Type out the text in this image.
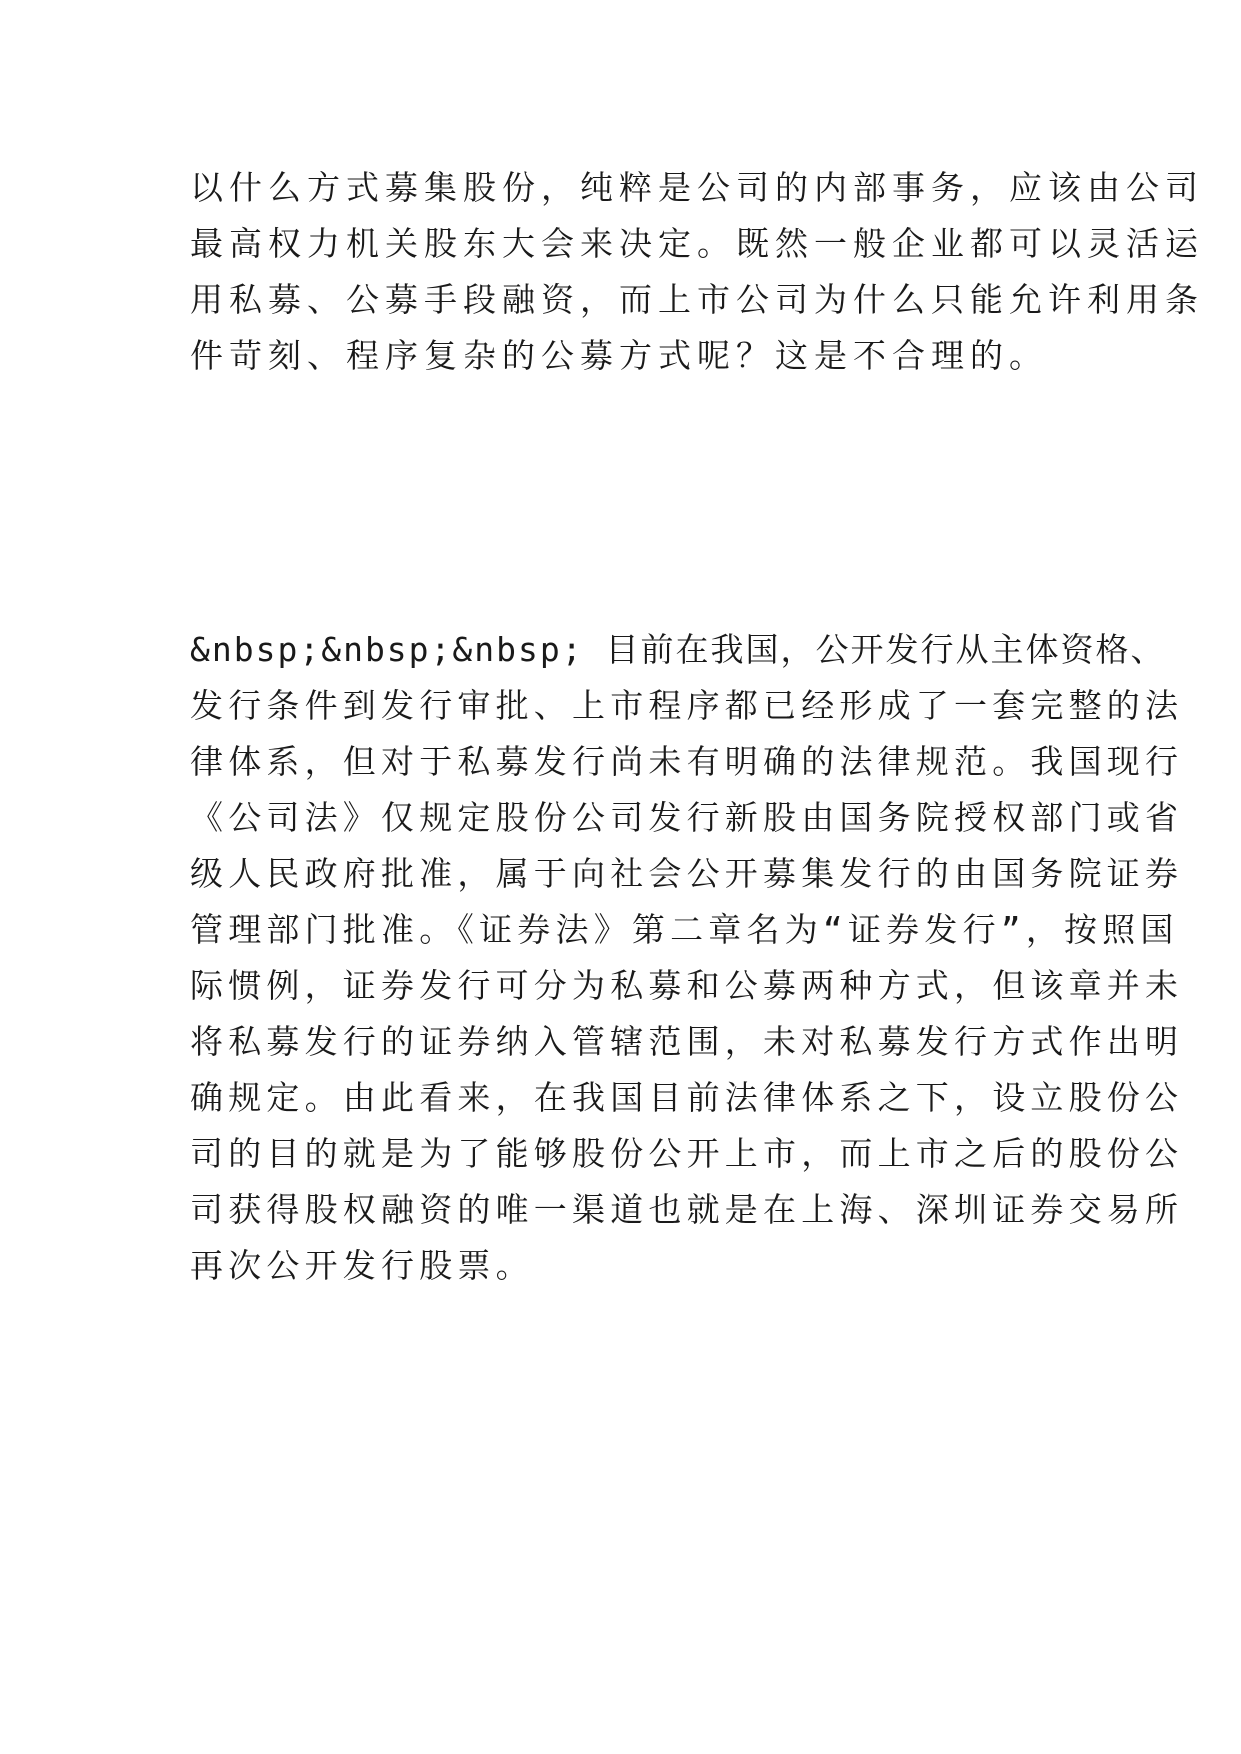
以什么方式募集股份，纯粹是公司的内部事务，应该由公司
最高权力机关股东大会来决定。既然一般企业都可以灵活运
用私募、公募手段融资，而上市公司为什么只能允许利用条
件苛刻、程序复杂的公募方式呢？这是不合理的。
&nbsp;&nbsp;&nbsp; 目前在我国，公开发行从主体资格、
发行条件到发行审批、上市程序都已经形成了一套完整的法
律体系，但对于私募发行尚未有明确的法律规范。我国现行
《公司法》仅规定股份公司发行新股由国务院授权部门或省
级人民政府批准，属于向社会公开募集发行的由国务院证券
管理部门批准。《证券法》第二章名为“证券发行”，按照国
际惯例，证券发行可分为私募和公募两种方式，但该章并未
将私募发行的证券纳入管辖范围，未对私募发行方式作出明
确规定。由此看来，在我国目前法律体系之下，设立股份公
司的目的就是为了能够股份公开上市，而上市之后的股份公
司获得股权融资的唯一渠道也就是在上海、深圳证券交易所
再次公开发行股票。
